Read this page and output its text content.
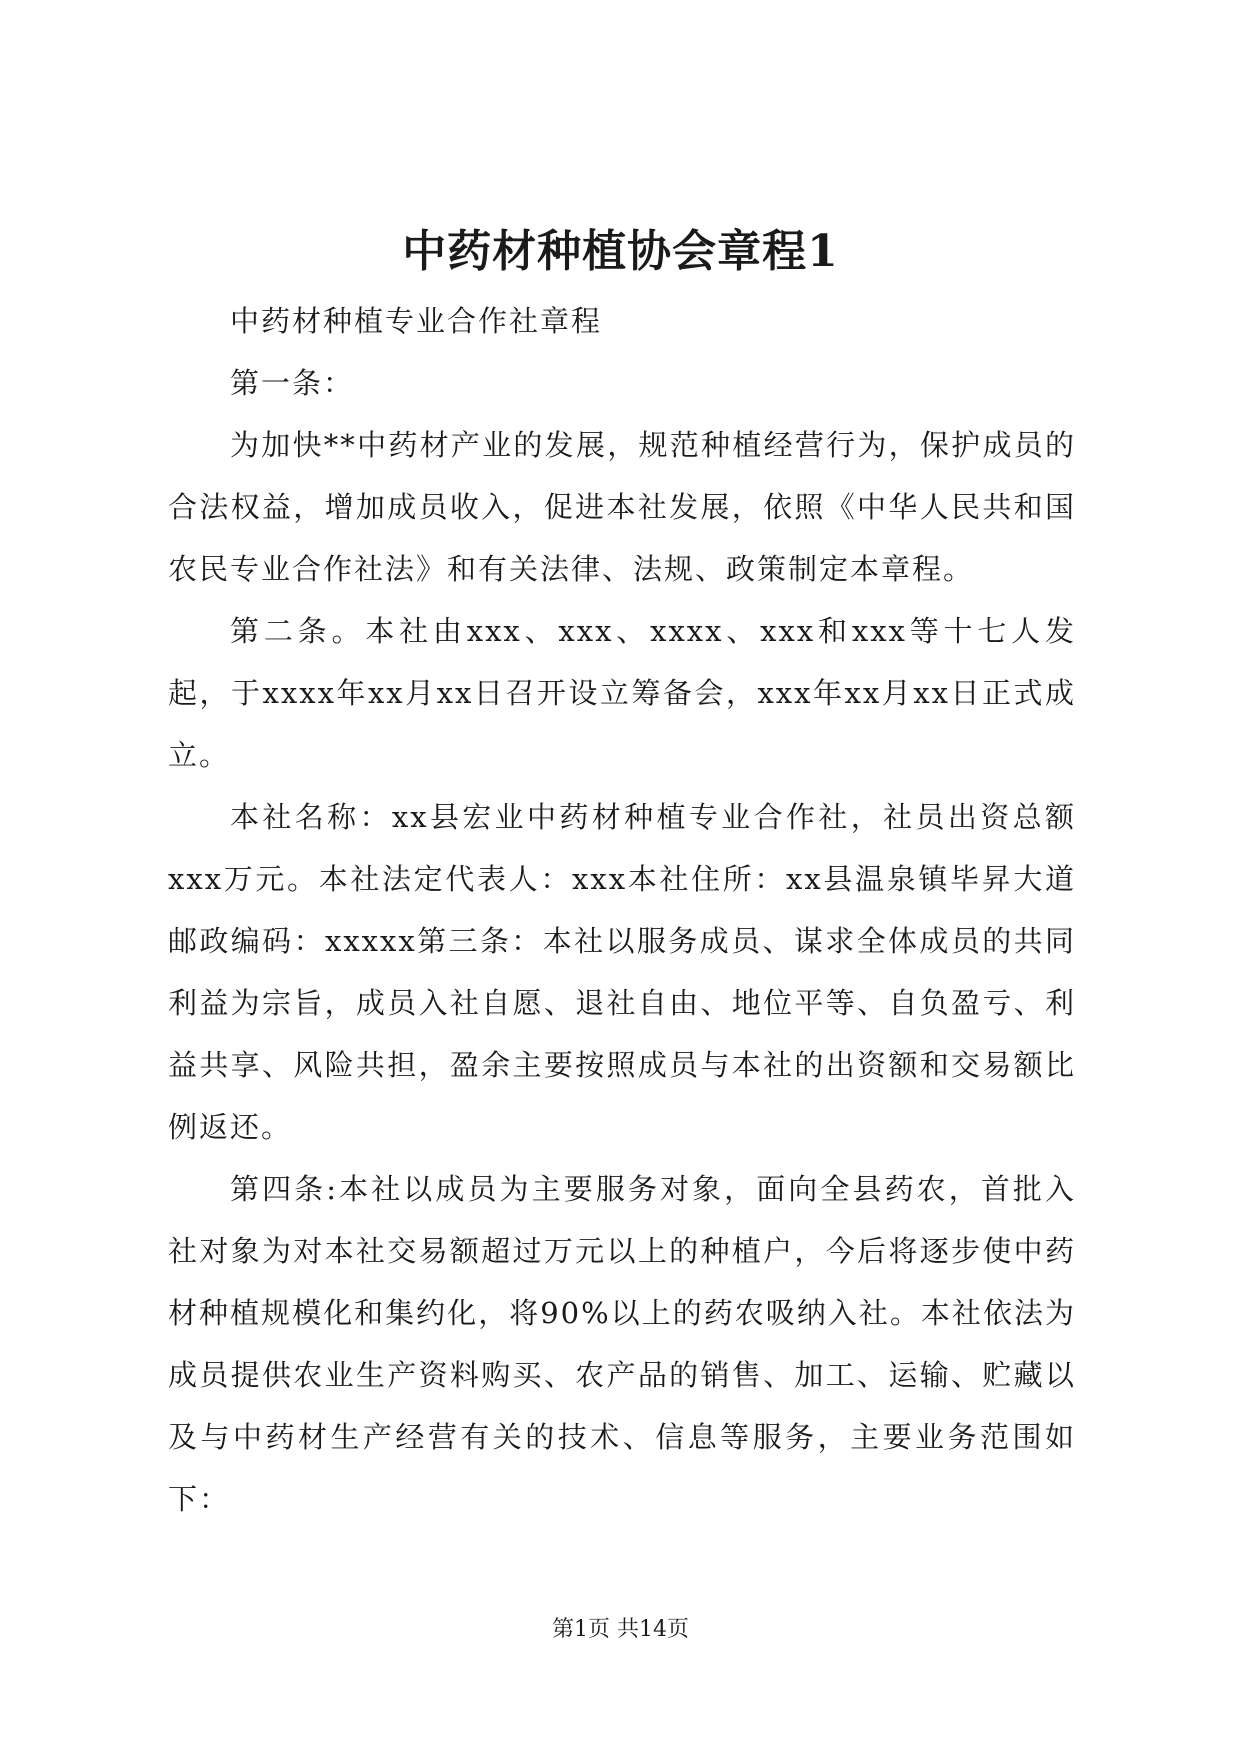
中药材种植协会章程1

中药材种植专业合作社章程

第一条：

为加快**中药材产业的发展，规范种植经营行为，保护成员的合法权益，增加成员收入，促进本社发展，依照《中华人民共和国农民专业合作社法》和有关法律、法规、政策制定本章程。

第二条。本社由xxx、xxx、xxxx、xxx和xxx等十七人发起，于xxxx年xx月xx日召开设立筹备会，xxx年xx月xx日正式成立。

本社名称：xx县宏业中药材种植专业合作社，社员出资总额xxx万元。本社法定代表人：xxx本社住所：xx县温泉镇毕昇大道邮政编码：xxxxx第三条：本社以服务成员、谋求全体成员的共同利益为宗旨，成员入社自愿、退社自由、地位平等、自负盈亏、利益共享、风险共担，盈余主要按照成员与本社的出资额和交易额比例返还。

第四条:本社以成员为主要服务对象，面向全县药农，首批入社对象为对本社交易额超过万元以上的种植户，今后将逐步使中药材种植规模化和集约化，将90%以上的药农吸纳入社。本社依法为成员提供农业生产资料购买、农产品的销售、加工、运输、贮藏以及与中药材生产经营有关的技术、信息等服务，主要业务范围如下：

第1页 共14页
